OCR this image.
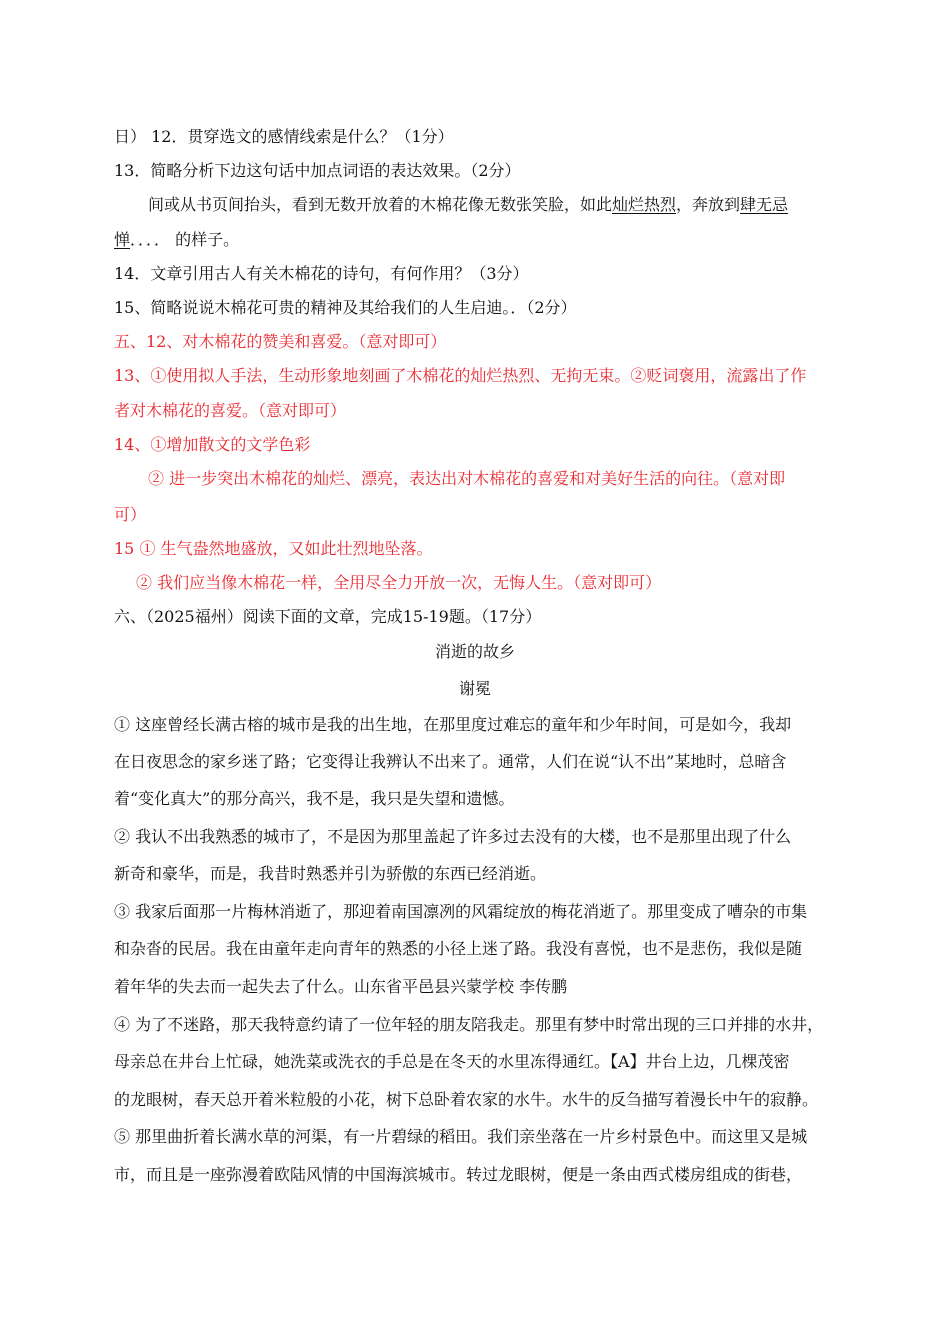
日） 12．贯穿选文的感情线索是什么？（1分）
13．简略分析下边这句话中加点词语的表达效果。（2分）
间或从书页间抬头，看到无数开放着的木棉花像无数张笑脸，如此灿烂热烈，奔放到肆无忌
惮．．．． 的样子。
14．文章引用古人有关木棉花的诗句，有何作用？（3分）
15、简略说说木棉花可贵的精神及其给我们的人生启迪。．（2分）
五、12、对木棉花的赞美和喜爱。（意对即可）
13、①使用拟人手法，生动形象地刻画了木棉花的灿烂热烈、无拘无束。②贬词褒用，流露出了作
者对木棉花的喜爱。（意对即可）
14、①增加散文的文学色彩
② 进一步突出木棉花的灿烂、漂亮，表达出对木棉花的喜爱和对美好生活的向往。（意对即
可）
15 ① 生气盎然地盛放，又如此壮烈地坠落。
② 我们应当像木棉花一样，全用尽全力开放一次，无悔人生。（意对即可）
六、（2025福州）阅读下面的文章，完成15-19题。（17分）
消逝的故乡
谢冕
① 这座曾经长满古榕的城市是我的出生地，在那里度过难忘的童年和少年时间，可是如今，我却
在日夜思念的家乡迷了路；它变得让我辨认不出来了。通常，人们在说“认不出”某地时，总暗含
着“变化真大”的那分高兴，我不是，我只是失望和遗憾。
② 我认不出我熟悉的城市了，不是因为那里盖起了许多过去没有的大楼，也不是那里出现了什么
新奇和豪华，而是，我昔时熟悉并引为骄傲的东西已经消逝。
③ 我家后面那一片梅林消逝了，那迎着南国凛冽的风霜绽放的梅花消逝了。那里变成了嘈杂的市集
和杂沓的民居。我在由童年走向青年的熟悉的小径上迷了路。我没有喜悦，也不是悲伤，我似是随
着年华的失去而一起失去了什么。山东省平邑县兴蒙学校 李传鹏
④ 为了不迷路，那天我特意约请了一位年轻的朋友陪我走。那里有梦中时常出现的三口并排的水井，
母亲总在井台上忙碌，她洗菜或洗衣的手总是在冬天的水里冻得通红。【A】井台上边，几棵茂密
的龙眼树，春天总开着米粒般的小花，树下总卧着农家的水牛。水牛的反刍描写着漫长中午的寂静。
⑤ 那里曲折着长满水草的河渠，有一片碧绿的稻田。我们亲坐落在一片乡村景色中。而这里又是城
市，而且是一座弥漫着欧陆风情的中国海滨城市。转过龙眼树，便是一条由西式楼房组成的街巷，
